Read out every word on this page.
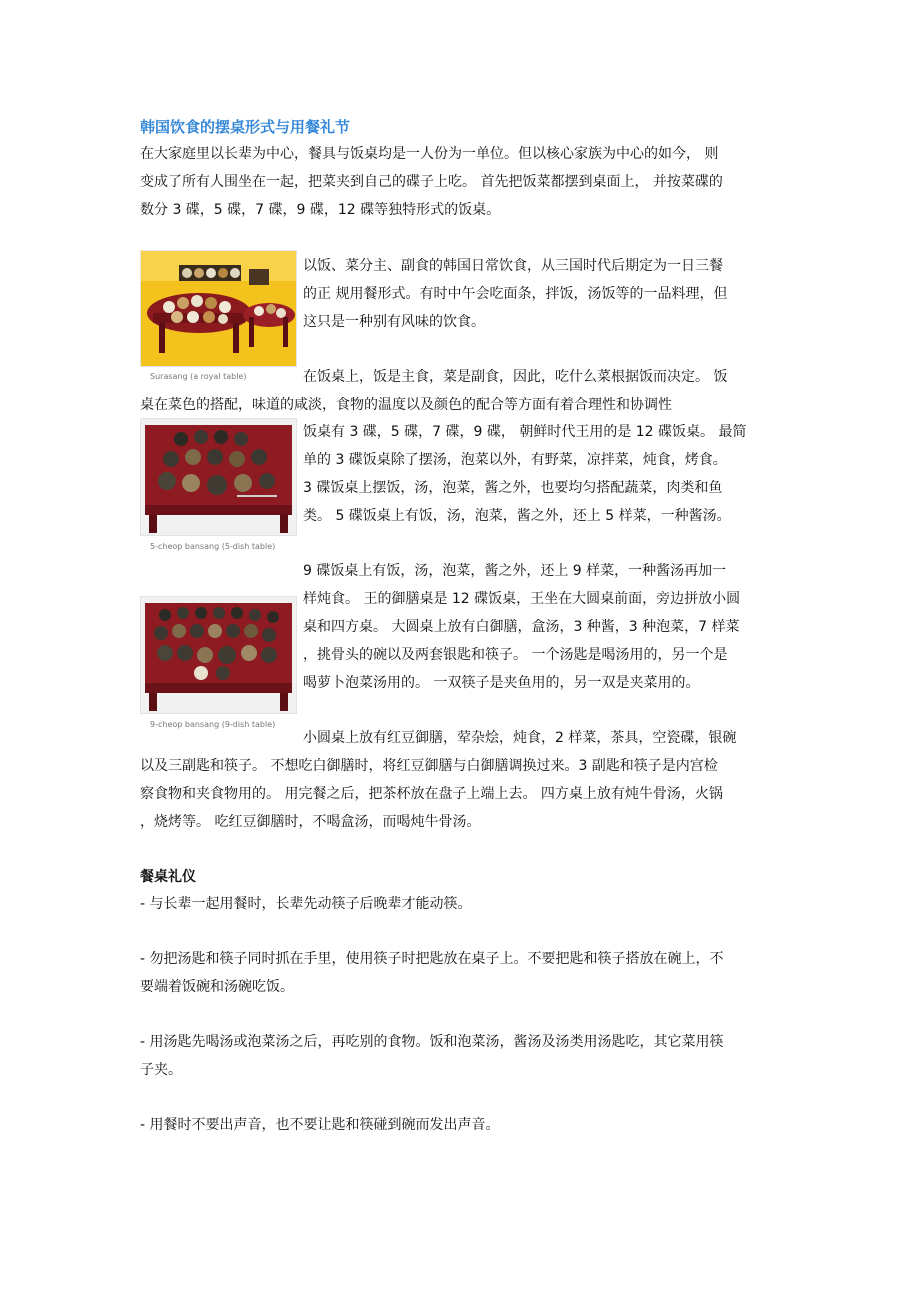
韩国饮食的摆桌形式与用餐礼节
在大家庭里以长辈为中心，餐具与饭桌均是一人份为一单位。但以核心家族为中心的如今， 则
变成了所有人围坐在一起，把菜夹到自己的碟子上吃。 首先把饭菜都摆到桌面上， 并按菜碟的
数分 3 碟，5 碟，7 碟，9 碟，12 碟等独特形式的饭桌。
Surasang (a royal table)
以饭、菜分主、副食的韩国日常饮食，从三国时代后期定为一日三餐
的正 规用餐形式。有时中午会吃面条，拌饭，汤饭等的一品料理，但
这只是一种别有风味的饮食。
在饭桌上，饭是主食，菜是副食，因此，吃什么菜根据饭而决定。 饭
桌在菜色的搭配，味道的咸淡，食物的温度以及颜色的配合等方面有着合理性和协调性
5-cheop bansang (5-dish table)
饭桌有 3 碟，5 碟，7 碟，9 碟， 朝鲜时代王用的是 12 碟饭桌。 最简
单的 3 碟饭桌除了摆汤，泡菜以外，有野菜，凉拌菜，炖食，烤食。
3 碟饭桌上摆饭，汤，泡菜，酱之外，也要均匀搭配蔬菜，肉类和鱼
类。 5 碟饭桌上有饭，汤，泡菜，酱之外，还上 5 样菜，一种酱汤。
9 碟饭桌上有饭，汤，泡菜，酱之外，还上 9 样菜，一种酱汤再加一
样炖食。 王的御膳桌是 12 碟饭桌，王坐在大圆桌前面，旁边拼放小圆
桌和四方桌。 大圆桌上放有白御膳，盒汤，3 种酱，3 种泡菜，7 样菜
，挑骨头的碗以及两套银匙和筷子。 一个汤匙是喝汤用的，另一个是
喝萝卜泡菜汤用的。 一双筷子是夹鱼用的，另一双是夹菜用的。
9-cheop bansang (9-dish table)
小圆桌上放有红豆御膳，荤杂烩，炖食，2 样菜，茶具，空瓷碟，银碗
以及三副匙和筷子。 不想吃白御膳时，将红豆御膳与白御膳调换过来。3 副匙和筷子是内宫检
察食物和夹食物用的。 用完餐之后，把茶杯放在盘子上端上去。 四方桌上放有炖牛骨汤，火锅
，烧烤等。 吃红豆御膳时，不喝盒汤，而喝炖牛骨汤。
餐桌礼仪
- 与长辈一起用餐时，长辈先动筷子后晚辈才能动筷。
- 勿把汤匙和筷子同时抓在手里，使用筷子时把匙放在桌子上。不要把匙和筷子搭放在碗上，不
要端着饭碗和汤碗吃饭。
- 用汤匙先喝汤或泡菜汤之后，再吃别的食物。饭和泡菜汤，酱汤及汤类用汤匙吃，其它菜用筷
子夹。
- 用餐时不要出声音，也不要让匙和筷碰到碗而发出声音。
